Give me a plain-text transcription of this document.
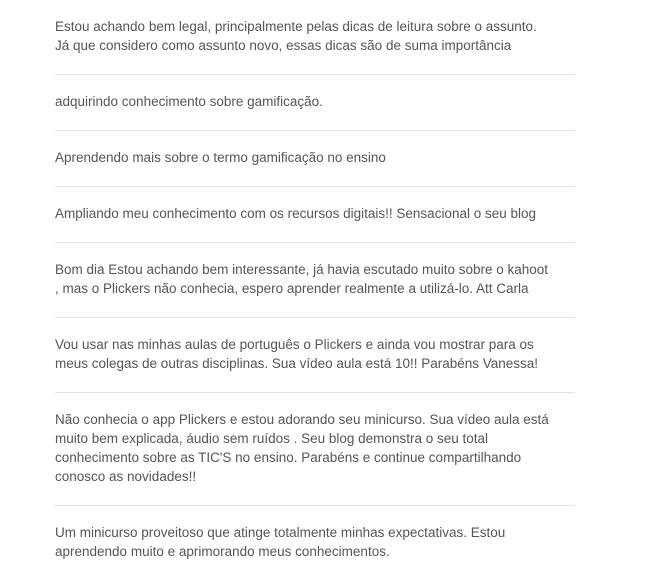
Estou achando bem legal, principalmente pelas dicas de leitura sobre o assunto.
Já que considero como assunto novo, essas dicas são de suma importância

adquirindo conhecimento sobre gamificação.

Aprendendo mais sobre o termo gamificação no ensino

Ampliando meu conhecimento com os recursos digitais!! Sensacional o seu blog

Bom dia Estou achando bem interessante, já havia escutado muito sobre o kahoot
, mas o Plickers não conhecia, espero aprender realmente a utilizá-lo. Att Carla

Vou usar nas minhas aulas de português o Plickers e ainda vou mostrar para os
meus colegas de outras disciplinas. Sua vídeo aula está 10!! Parabéns Vanessa!

Não conhecia o app Plickers e estou adorando seu minicurso. Sua vídeo aula está
muito bem explicada, áudio sem ruídos . Seu blog demonstra o seu total
conhecimento sobre as TIC'S no ensino. Parabéns e continue compartilhando
conosco as novidades!!

Um minicurso proveitoso que atinge totalmente minhas expectativas. Estou
aprendendo muito e aprimorando meus conhecimentos.
